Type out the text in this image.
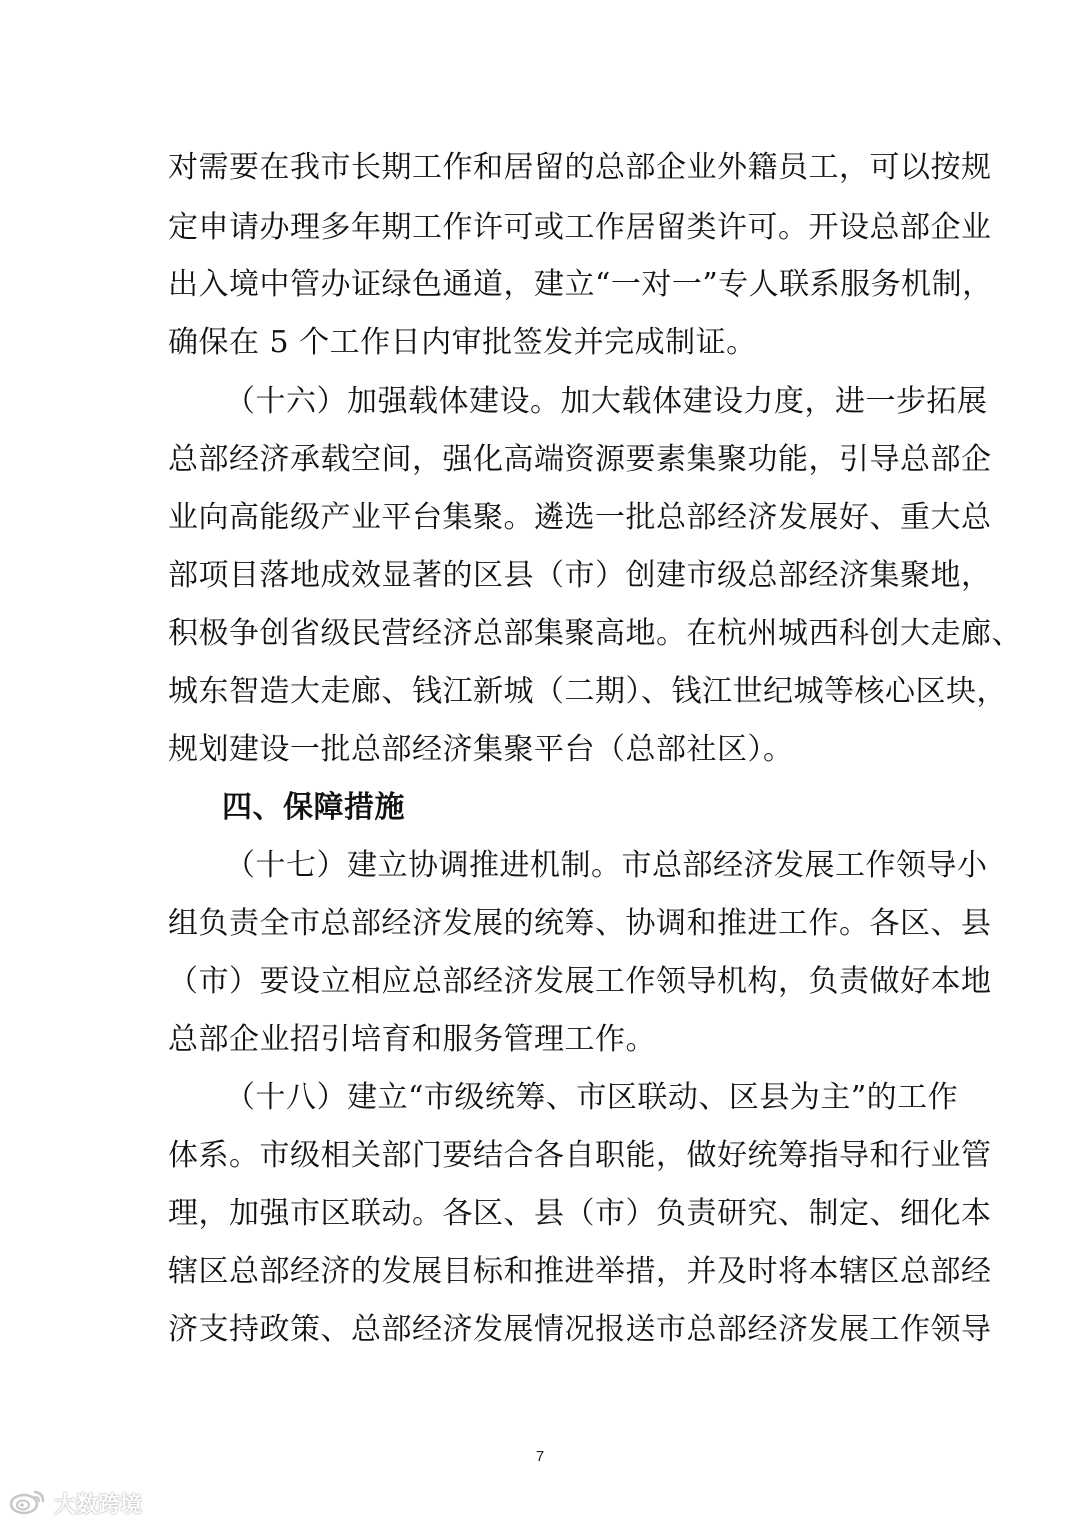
对需要在我市长期工作和居留的总部企业外籍员工，可以按规
定申请办理多年期工作许可或工作居留类许可。开设总部企业
出入境中管办证绿色通道，建立“一对一”专人联系服务机制，
确保在 5 个工作日内审批签发并完成制证。
（十六）加强载体建设。加大载体建设力度，进一步拓展
总部经济承载空间，强化高端资源要素集聚功能，引导总部企
业向高能级产业平台集聚。遴选一批总部经济发展好、重大总
部项目落地成效显著的区县（市）创建市级总部经济集聚地，
积极争创省级民营经济总部集聚高地。在杭州城西科创大走廊、
城东智造大走廊、钱江新城（二期）、钱江世纪城等核心区块，
规划建设一批总部经济集聚平台（总部社区）。
四、保障措施
（十七）建立协调推进机制。市总部经济发展工作领导小
组负责全市总部经济发展的统筹、协调和推进工作。各区、县
（市）要设立相应总部经济发展工作领导机构，负责做好本地
总部企业招引培育和服务管理工作。
（十八）建立“市级统筹、市区联动、区县为主”的工作
体系。市级相关部门要结合各自职能，做好统筹指导和行业管
理，加强市区联动。各区、县（市）负责研究、制定、细化本
辖区总部经济的发展目标和推进举措，并及时将本辖区总部经
济支持政策、总部经济发展情况报送市总部经济发展工作领导
7
大数跨境
